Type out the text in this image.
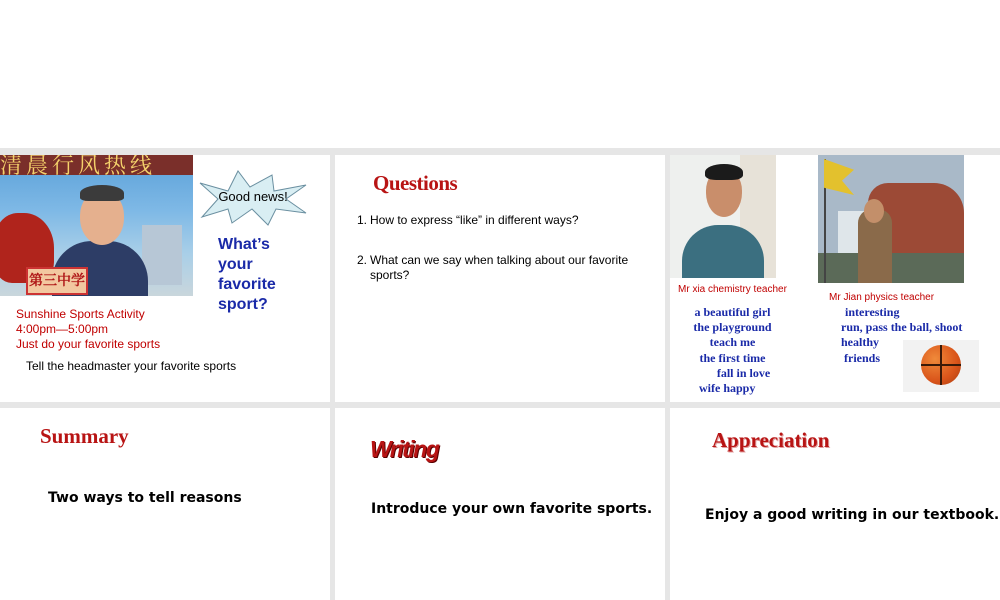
清晨行风热线
第三中学
Good news!
What’s your favorite sport?
Sunshine Sports Activity
4:00pm—5:00pm
Just do your favorite sports
Tell the headmaster your favorite sports
Questions
1. How to express “like” in different ways?
2. What can we say when talking about our favorite sports?
Mr xia chemistry teacher
a beautiful girl
the playground
teach me
the first time
fall in love
wife happy
Mr Jian physics teacher
interesting
run, pass the ball, shoot
healthy
friends
Summary
Two ways to tell reasons
Writing
Introduce your own favorite sports.
Appreciation
Enjoy a good writing in our textbook.
